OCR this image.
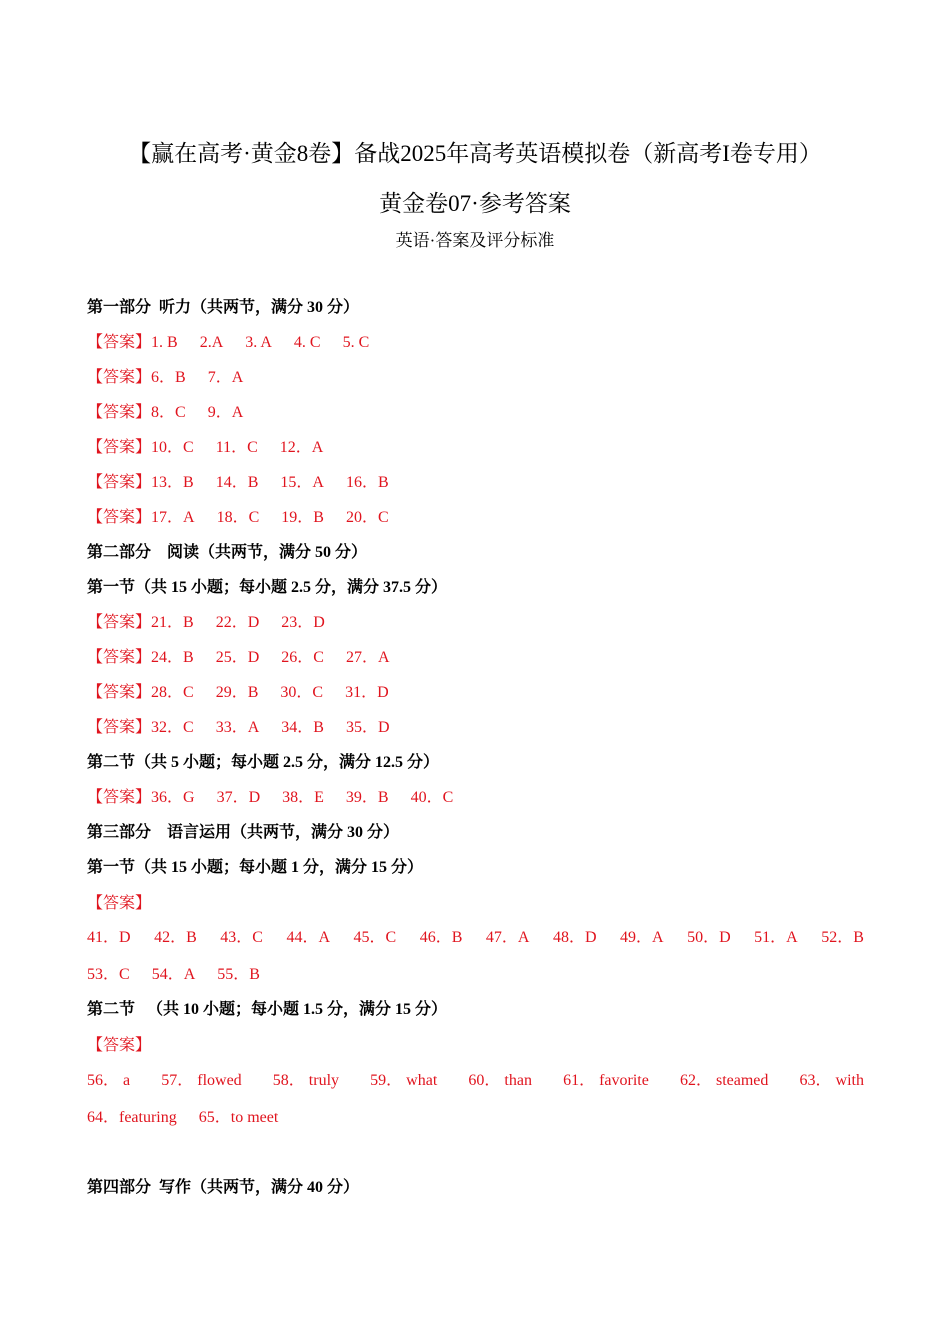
【赢在高考·黄金8卷】备战2025年高考英语模拟卷（新高考I卷专用）
黄金卷07·参考答案
英语·答案及评分标准
第一部分  听力（共两节，满分 30 分）
【答案】1. B 2.A 3. A 4. C 5. C
【答案】6．B 7．A
【答案】8．C 9．A
【答案】10．C 11．C 12．A
【答案】13．B 14．B 15．A 16．B
【答案】17．A 18．C 19．B 20．C
第二部分    阅读（共两节，满分 50 分）
第一节（共 15 小题；每小题 2.5 分，满分 37.5 分）
【答案】21．B 22．D 23．D
【答案】24．B 25．D 26．C 27．A
【答案】28．C 29．B 30．C 31．D
【答案】32．C 33．A 34．B 35．D
第二节（共 5 小题；每小题 2.5 分，满分 12.5 分）
【答案】36．G 37．D 38．E 39．B 40．C
第三部分    语言运用（共两节，满分 30 分）
第一节（共 15 小题；每小题 1 分，满分 15 分）
【答案】
41．D 42．B 43．C 44．A 45．C 46．B 47．A 48．D 49．A 50．D 51．A 52．B
53．C 54．A 55．B
第二节   （共 10 小题；每小题 1.5 分，满分 15 分）
【答案】
56． a 57． flowed 58． truly 59． what 60． than 61． favorite 62． steamed 63． with
64．featuring 65．to meet
第四部分  写作（共两节，满分 40 分）
